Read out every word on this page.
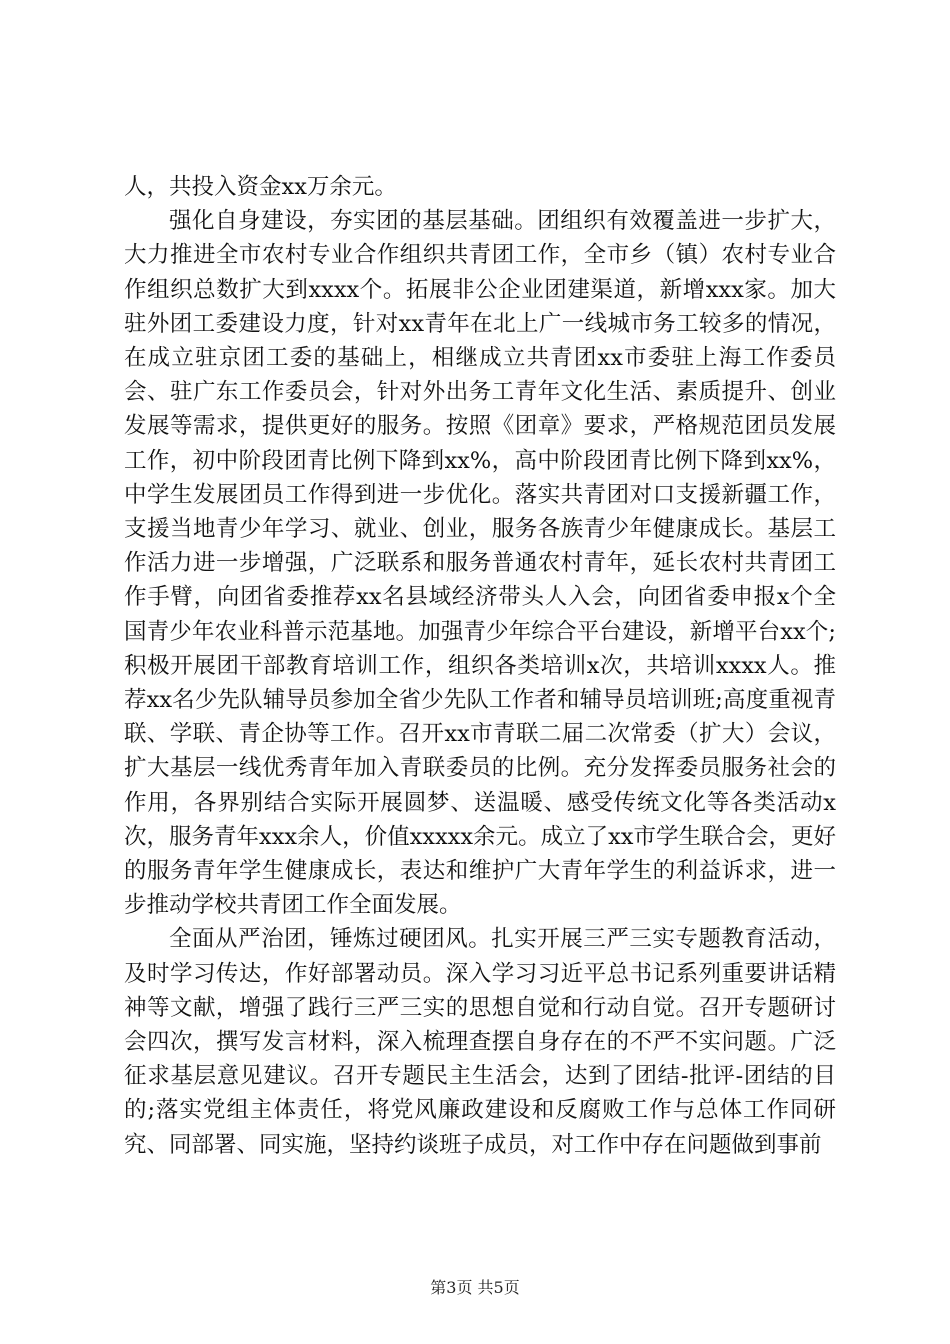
人，共投入资金xx万余元。

强化自身建设，夯实团的基层基础。团组织有效覆盖进一步扩大，大力推进全市农村专业合作组织共青团工作，全市乡（镇）农村专业合作组织总数扩大到xxxx个。拓展非公企业团建渠道，新增xxx家。加大驻外团工委建设力度，针对xx青年在北上广一线城市务工较多的情况，在成立驻京团工委的基础上，相继成立共青团xx市委驻上海工作委员会、驻广东工作委员会，针对外出务工青年文化生活、素质提升、创业发展等需求，提供更好的服务。按照《团章》要求，严格规范团员发展工作，初中阶段团青比例下降到xx%，高中阶段团青比例下降到xx%，中学生发展团员工作得到进一步优化。落实共青团对口支援新疆工作，支援当地青少年学习、就业、创业，服务各族青少年健康成长。基层工作活力进一步增强，广泛联系和服务普通农村青年，延长农村共青团工作手臂，向团省委推荐xx名县域经济带头人入会，向团省委申报x个全国青少年农业科普示范基地。加强青少年综合平台建设，新增平台xx个;积极开展团干部教育培训工作，组织各类培训x次，共培训xxxx人。推荐xx名少先队辅导员参加全省少先队工作者和辅导员培训班;高度重视青联、学联、青企协等工作。召开xx市青联二届二次常委（扩大）会议，扩大基层一线优秀青年加入青联委员的比例。充分发挥委员服务社会的作用，各界别结合实际开展圆梦、送温暖、感受传统文化等各类活动x次，服务青年xxx余人，价值xxxxx余元。成立了xx市学生联合会，更好的服务青年学生健康成长，表达和维护广大青年学生的利益诉求，进一步推动学校共青团工作全面发展。

全面从严治团，锤炼过硬团风。扎实开展三严三实专题教育活动，及时学习传达，作好部署动员。深入学习习近平总书记系列重要讲话精神等文献，增强了践行三严三实的思想自觉和行动自觉。召开专题研讨会四次，撰写发言材料，深入梳理查摆自身存在的不严不实问题。广泛征求基层意见建议。召开专题民主生活会，达到了团结-批评-团结的目的;落实党组主体责任，将党风廉政建设和反腐败工作与总体工作同研究、同部署、同实施，坚持约谈班子成员，对工作中存在问题做到事前

第3页 共5页
